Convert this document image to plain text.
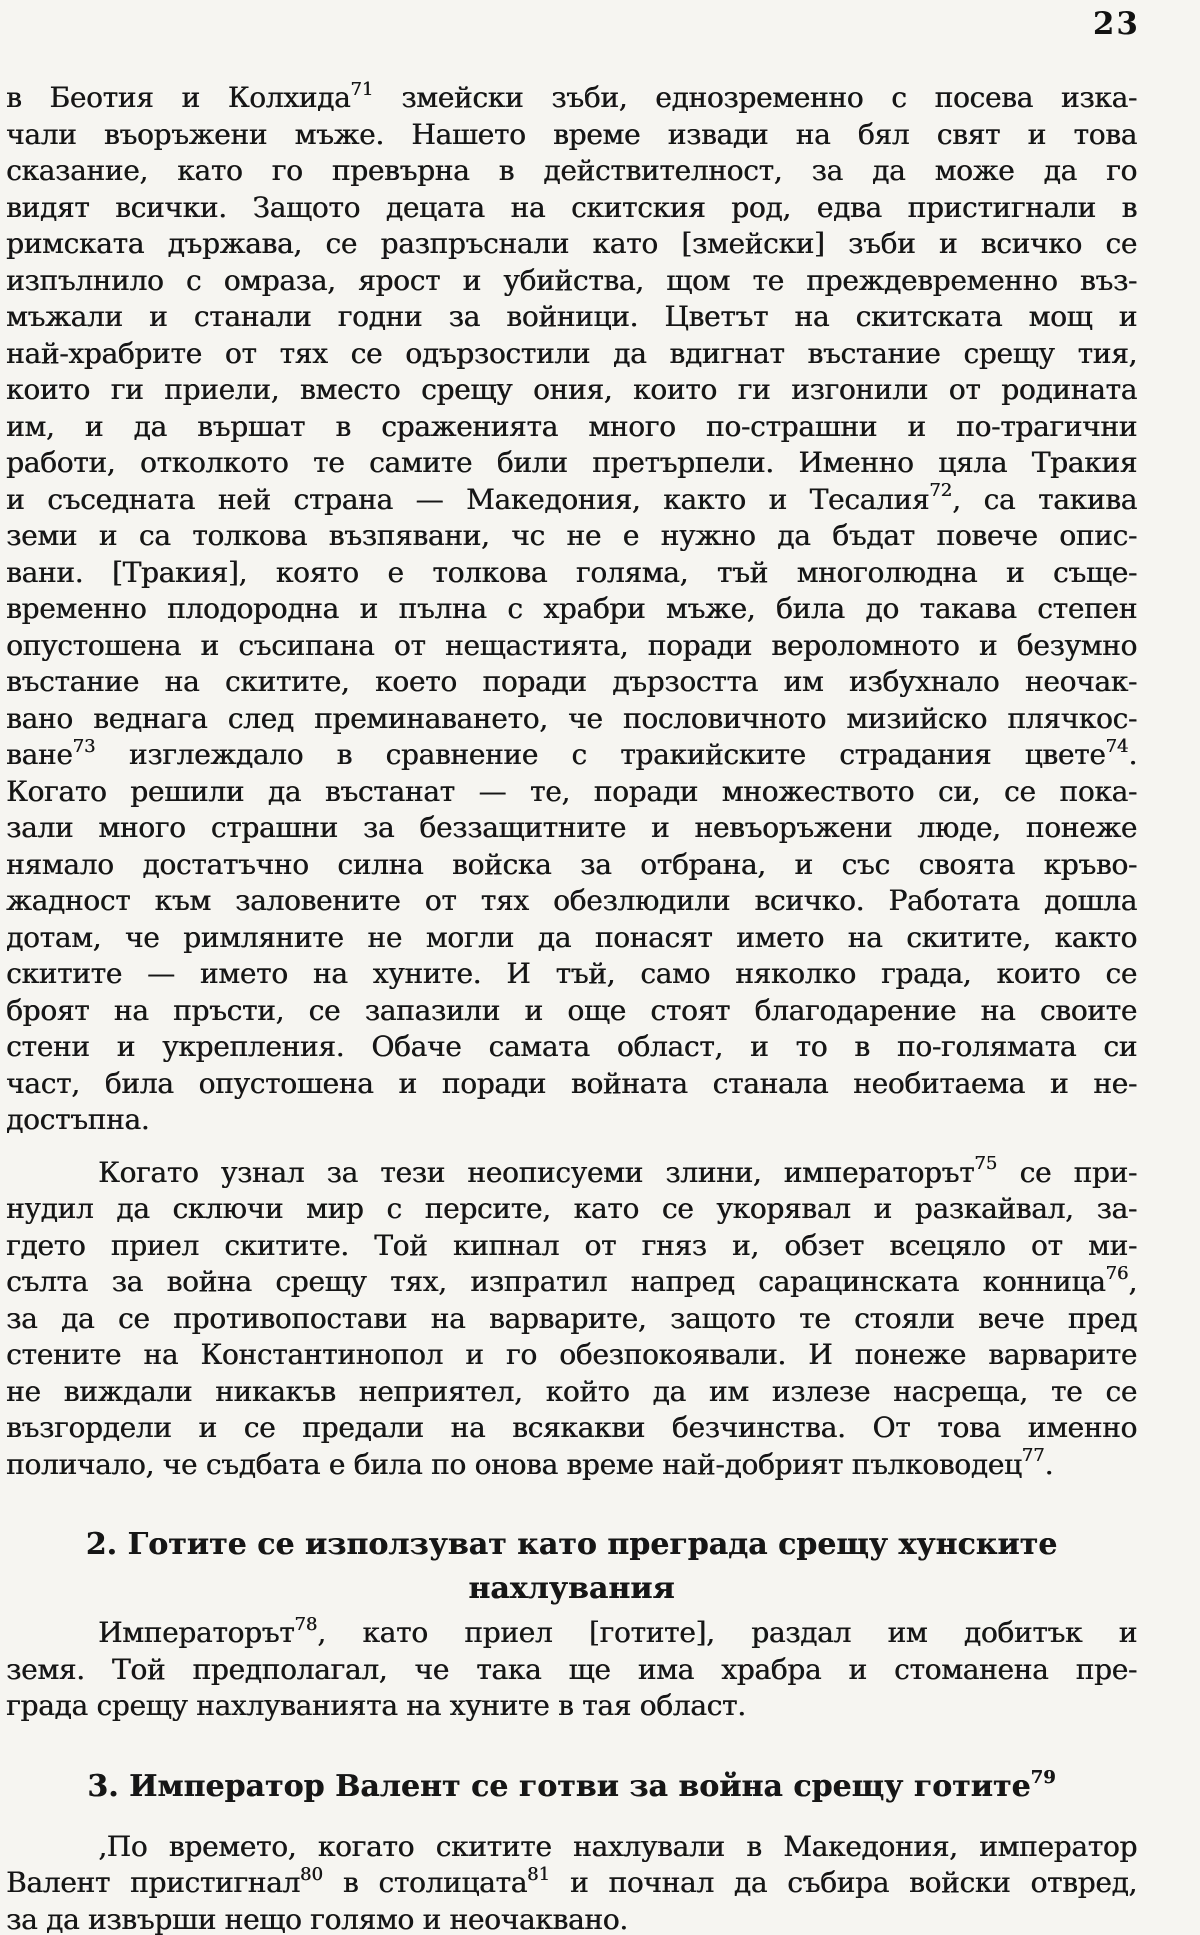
23
в Беотия и Колхида$^{71}$ змейски зъби, еднозременно с посева изка-
чали въоръжени мъже. Нашето време извади на бял свят и това
сказание, като го превърна в действителност, за да може да го
видят всички. Защото децата на скитския род, едва пристигнали в
римската държава, се разпръснали като [змейски] зъби и всичко се
изпълнило с омраза, ярост и убийства, щом те преждевременно въз-
мъжали и станали годни за войници. Цветът на скитската мощ и
най-храбрите от тях се одързостили да вдигнат въстание срещу тия,
които ги приели, вместо срещу ония, които ги изгонили от родината
им, и да вършат в сраженията много по-страшни и по-трагични
работи, отколкото те самите били претърпели. Именно цяла Тракия
и съседната ней страна — Македония, както и Тесалия$^{72}$, са такива
земи и са толкова възпявани, чс не е нужно да бъдат повече опис-
вани. [Тракия], която е толкова голяма, тъй многолюдна и съще-
временно плодородна и пълна с храбри мъже, била до такава степен
опустошена и съсипана от нещастията, поради вероломното и безумно
въстание на скитите, което поради дързостта им избухнало неочак-
вано веднага след преминаването, че пословичното мизийско плячкос-
ване$^{73}$ изглеждало в сравнение с тракийските страдания цвете$^{74}$.
Когато решили да въстанат — те, поради множеството си, се пока-
зали много страшни за беззащитните и невъоръжени люде, понеже
нямало достатъчно силна войска за отбрана, и със своята кръво-
жадност към заловените от тях обезлюдили всичко. Работата дошла
дотам, че римляните не могли да понасят името на скитите, както
скитите — името на хуните. И тъй, само няколко града, които се
броят на пръсти, се запазили и още стоят благодарение на своите
стени и укрепления. Обаче самата област, и то в по-голямата си
част, била опустошена и поради войната станала необитаема и не-
достъпна.
Когато узнал за тези неописуеми злини, императорът$^{75}$ се при-
нудил да сключи мир с персите, като се укорявал и разкайвал, за-
гдето приел скитите. Той кипнал от гняз и, обзет всецяло от ми-
сълта за война срещу тях, изпратил напред сарацинската конница$^{76}$,
за да се противопостави на варварите, защото те стояли вече пред
стените на Константинопол и го обезпокоявали. И понеже варварите
не виждали никакъв неприятел, който да им излезе насреща, те се
възгордели и се предали на всякакви безчинства. От това именно
поличало, че съдбата е била по онова време най-добрият пълководец$^{77}$.
2. Готите се използуват като преграда срещу хунските
нахлувания
Императорът$^{78}$, като приел [готите], раздал им добитък и
земя. Той предполагал, че така ще има храбра и стоманена пре-
града срещу нахлуванията на хуните в тая област.
3. Император Валент се готви за война срещу готите$^{79}$
‚По времето, когато скитите нахлували в Македония, император
Валент пристигнал$^{80}$ в столицата$^{81}$ и почнал да събира войски отвред,
за да извърши нещо голямо и неочаквано.
